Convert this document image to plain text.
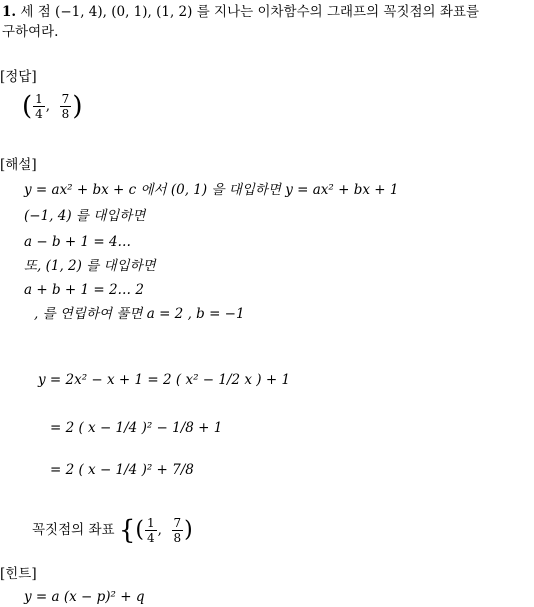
1. 세 점 (−1, 4), (0, 1), (1, 2) 를 지나는 이차함수의 그래프의 꼭짓점의 좌표를
구하여라.
[정답]
( $\frac{1}{4}$ , $\frac{7}{8}$ )
[해설]
y = ax² + bx + c 에서 (0, 1) 을 대입하면 y = ax² + bx + 1
(−1, 4) 를 대입하면
a − b + 1 = 4…
또, (1, 2) 를 대입하면
a + b + 1 = 2… 2
, 를 연립하여 풀면 a = 2 , b = −1
y = 2x² − x + 1 = 2 ( x² − 1/2 x ) + 1
= 2 ( x − 1/4 )² − 1/8 + 1
= 2 ( x − 1/4 )² + 7/8
꼭짓점의 좌표 {( $\frac{1}{4}$ , $\frac{7}{8}$ )
[힌트]
y = a (x − p)² + q
